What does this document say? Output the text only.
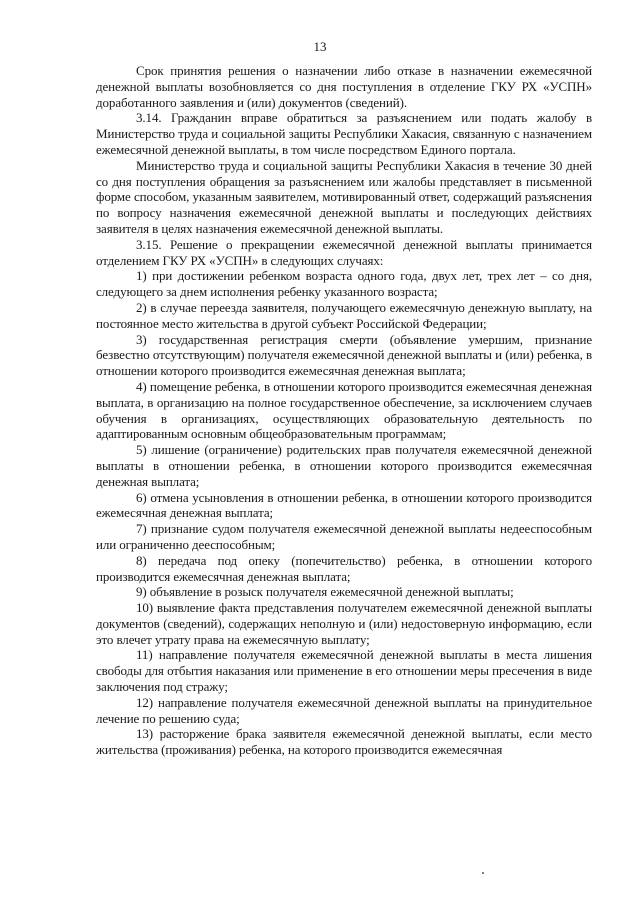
13

Срок принятия решения о назначении либо отказе в назначении ежемесячной денежной выплаты возобновляется со дня поступления в отделение ГКУ РХ «УСПН» доработанного заявления и (или) документов (сведений).

3.14. Гражданин вправе обратиться за разъяснением или подать жалобу в Министерство труда и социальной защиты Республики Хакасия, связанную с назначением ежемесячной денежной выплаты, в том числе посредством Единого портала.

Министерство труда и социальной защиты Республики Хакасия в течение 30 дней со дня поступления обращения за разъяснением или жалобы представляет в письменной форме способом, указанным заявителем, мотивированный ответ, содержащий разъяснения по вопросу назначения ежемесячной денежной выплаты и последующих действиях заявителя в целях назначения ежемесячной денежной выплаты.

3.15. Решение о прекращении ежемесячной денежной выплаты принимается отделением ГКУ РХ «УСПН» в следующих случаях:

1) при достижении ребенком возраста одного года, двух лет, трех лет – со дня, следующего за днем исполнения ребенку указанного возраста;

2) в случае переезда заявителя, получающего ежемесячную денежную выплату, на постоянное место жительства в другой субъект Российской Федерации;

3) государственная регистрация смерти (объявление умершим, признание безвестно отсутствующим) получателя ежемесячной денежной выплаты и (или) ребенка, в отношении которого производится ежемесячная денежная выплата;

4) помещение ребенка, в отношении которого производится ежемесячная денежная выплата, в организацию на полное государственное обеспечение, за исключением случаев обучения в организациях, осуществляющих образовательную деятельность по адаптированным основным общеобразовательным программам;

5) лишение (ограничение) родительских прав получателя ежемесячной денежной выплаты в отношении ребенка, в отношении которого производится ежемесячная денежная выплата;

6) отмена усыновления в отношении ребенка, в отношении которого производится ежемесячная денежная выплата;

7) признание судом получателя ежемесячной денежной выплаты недееспособным или ограниченно дееспособным;

8) передача под опеку (попечительство) ребенка, в отношении которого производится ежемесячная денежная выплата;

9) объявление в розыск получателя ежемесячной денежной выплаты;

10) выявление факта представления получателем ежемесячной денежной выплаты документов (сведений), содержащих неполную и (или) недостоверную информацию, если это влечет утрату права на ежемесячную выплату;

11) направление получателя ежемесячной денежной выплаты в места лишения свободы для отбытия наказания или применение в его отношении меры пресечения в виде заключения под стражу;

12) направление получателя ежемесячной денежной выплаты на принудительное лечение по решению суда;

13) расторжение брака заявителя ежемесячной денежной выплаты, если место жительства (проживания) ребенка, на которого производится ежемесячная
